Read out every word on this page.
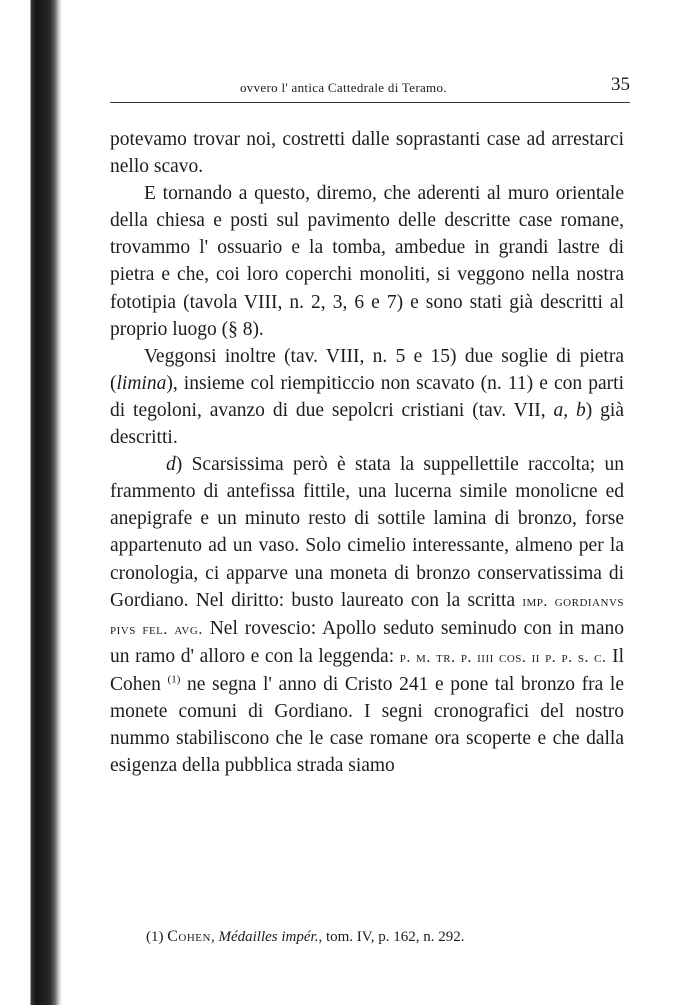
ovvero l' antica Cattedrale di Teramo.	35

potevamo trovar noi, costretti dalle soprastanti case ad arrestarci nello scavo.

E tornando a questo, diremo, che aderenti al muro orientale della chiesa e posti sul pavimento delle descritte case romane, trovammo l' ossuario e la tomba, ambedue in grandi lastre di pietra e che, coi loro coperchi monoliti, si veggono nella nostra fototipia (tavola VIII, n. 2, 3, 6 e 7) e sono stati già descritti al proprio luogo (§ 8).

Veggonsi inoltre (tav. VIII, n. 5 e 15) due soglie di pietra (limina), insieme col riempiticcio non scavato (n. 11) e con parti di tegoloni, avanzo di due sepolcri cristiani (tav. VII, a, b) già descritti.

d) Scarsissima però è stata la suppellettile raccolta; un frammento di antefissa fittile, una lucerna simile monolicne ed anepigrafe e un minuto resto di sottile lamina di bronzo, forse appartenuto ad un vaso. Solo cimelio interessante, almeno per la cronologia, ci apparve una moneta di bronzo conservatissima di Gordiano. Nel diritto: busto laureato con la scritta imp. gordianvs pivs fel. avg. Nel rovescio: Apollo seduto seminudo con in mano un ramo d' alloro e con la leggenda: p. m. tr. p. iiii cos. ii p. p. s. c. Il Cohen $^{(1)}$ ne segna l' anno di Cristo 241 e pone tal bronzo fra le monete comuni di Gordiano. I segni cronografici del nostro nummo stabiliscono che le case romane ora scoperte e che dalla esigenza della pubblica strada siamo

(1) Cohen, Médailles impér., tom. IV, p. 162, n. 292.
